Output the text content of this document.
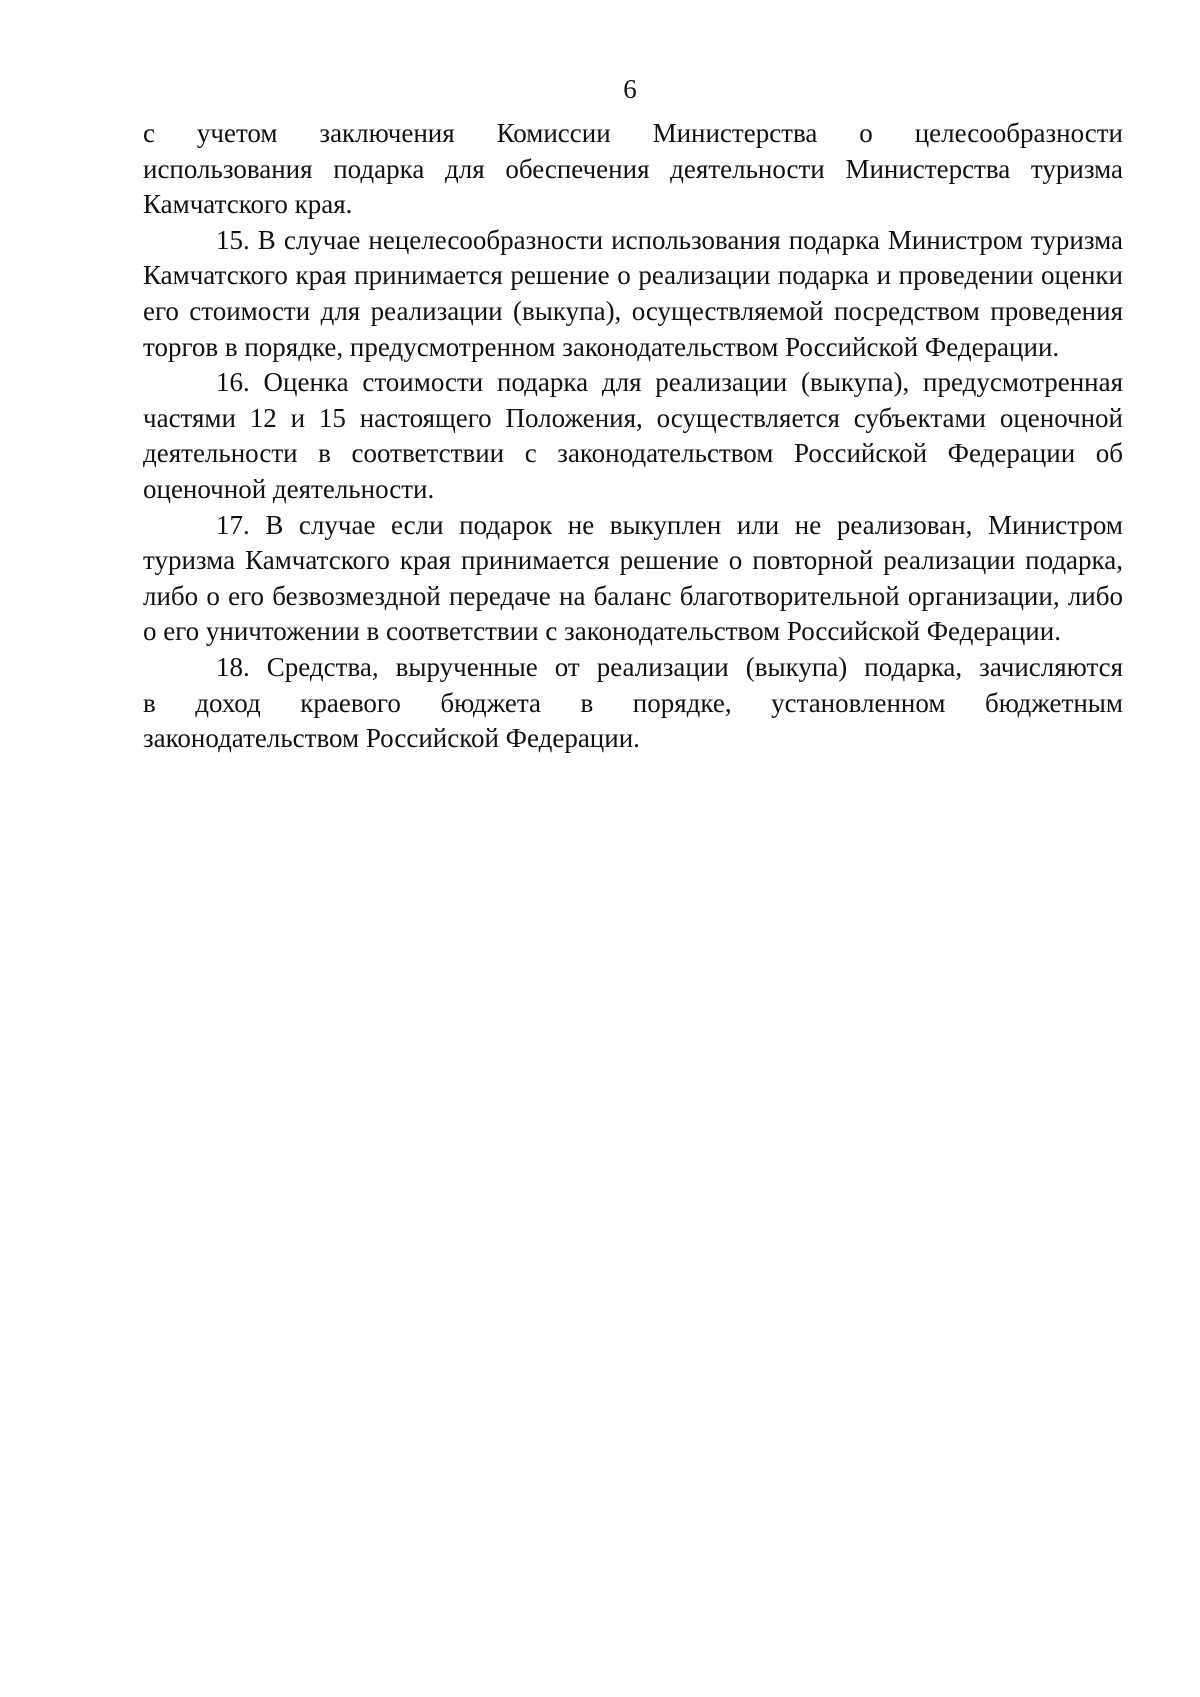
6

с учетом заключения Комиссии Министерства о целесообразности
использования подарка для обеспечения деятельности Министерства туризма Камчатского края.

15. В случае нецелесообразности использования подарка Министром туризма Камчатского края принимается решение о реализации подарка и проведении оценки его стоимости для реализации (выкупа), осуществляемой посредством проведения торгов в порядке, предусмотренном законодательством Российской Федерации.

16. Оценка стоимости подарка для реализации (выкупа), предусмотренная частями 12 и 15 настоящего Положения, осуществляется субъектами оценочной деятельности в соответствии с законодательством Российской Федерации об оценочной деятельности.

17. В случае если подарок не выкуплен или не реализован, Министром туризма Камчатского края принимается решение о повторной реализации подарка, либо о его безвозмездной передаче на баланс благотворительной организации, либо о его уничтожении в соответствии с законодательством Российской Федерации.

18. Средства, вырученные от реализации (выкупа) подарка, зачисляются
в доход краевого бюджета в порядке, установленном бюджетным
законодательством Российской Федерации.
